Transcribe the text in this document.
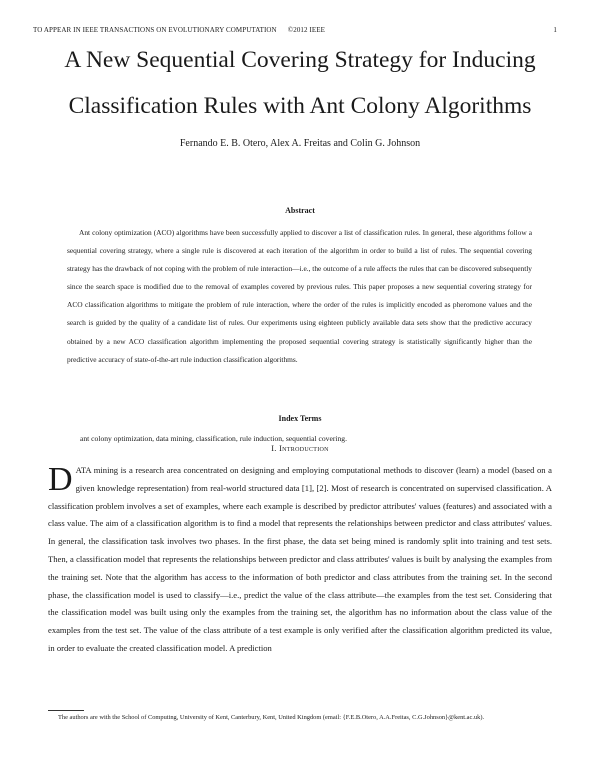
TO APPEAR IN IEEE TRANSACTIONS ON EVOLUTIONARY COMPUTATION      ©2012 IEEE	1
A New Sequential Covering Strategy for Inducing
Classification Rules with Ant Colony Algorithms
Fernando E. B. Otero, Alex A. Freitas and Colin G. Johnson
Abstract

Ant colony optimization (ACO) algorithms have been successfully applied to discover a list of classification rules. In general, these algorithms follow a sequential covering strategy, where a single rule is discovered at each iteration of the algorithm in order to build a list of rules. The sequential covering strategy has the drawback of not coping with the problem of rule interaction—i.e., the outcome of a rule affects the rules that can be discovered subsequently since the search space is modified due to the removal of examples covered by previous rules. This paper proposes a new sequential covering strategy for ACO classification algorithms to mitigate the problem of rule interaction, where the order of the rules is implicitly encoded as pheromone values and the search is guided by the quality of a candidate list of rules. Our experiments using eighteen publicly available data sets show that the predictive accuracy obtained by a new ACO classification algorithm implementing the proposed sequential covering strategy is statistically significantly higher than the predictive accuracy of state-of-the-art rule induction classification algorithms.

Index Terms
ant colony optimization, data mining, classification, rule induction, sequential covering.
I. Introduction
DATA mining is a research area concentrated on designing and employing computational methods to discover (learn) a model (based on a given knowledge representation) from real-world structured data [1], [2]. Most of research is concentrated on supervised classification. A classification problem involves a set of examples, where each example is described by predictor attributes' values (features) and associated with a class value. The aim of a classification algorithm is to find a model that represents the relationships between predictor and class attributes' values. In general, the classification task involves two phases. In the first phase, the data set being mined is randomly split into training and test sets. Then, a classification model that represents the relationships between predictor and class attributes' values is built by analysing the examples from the training set. Note that the algorithm has access to the information of both predictor and class attributes from the training set. In the second phase, the classification model is used to classify—i.e., predict the value of the class attribute—the examples from the test set. Considering that the classification model was built using only the examples from the training set, the algorithm has no information about the class value of the examples from the test set. The value of the class attribute of a test example is only verified after the classification algorithm predicted its value, in order to evaluate the created classification model. A prediction

The authors are with the School of Computing, University of Kent, Canterbury, Kent, United Kingdom (email: {F.E.B.Otero, A.A.Freitas, C.G.Johnson}@kent.ac.uk).
